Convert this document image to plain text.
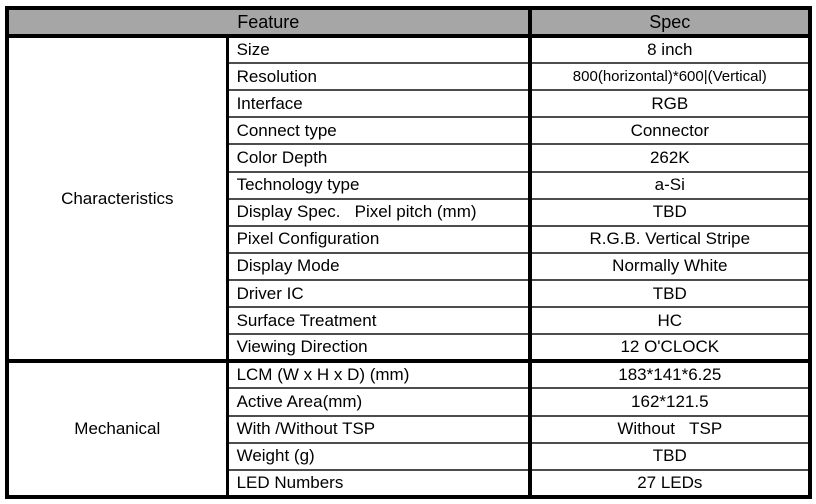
Feature		Spec
Characteristics	Size	8 inch
	Resolution	800(horizontal)*600|(Vertical)
	Interface	RGB
	Connect type	Connector
	Color Depth	262K
	Technology type	a-Si
	Display Spec.   Pixel pitch (mm)	TBD
	Pixel Configuration	R.G.B. Vertical Stripe
	Display Mode	Normally White
	Driver IC	TBD
	Surface Treatment	HC
	Viewing Direction	12 O'CLOCK
Mechanical	LCM (W x H x D) (mm)	183*141*6.25
	Active Area(mm)	162*121.5
	With /Without TSP	Without   TSP
	Weight (g)	TBD
	LED Numbers	27 LEDs
